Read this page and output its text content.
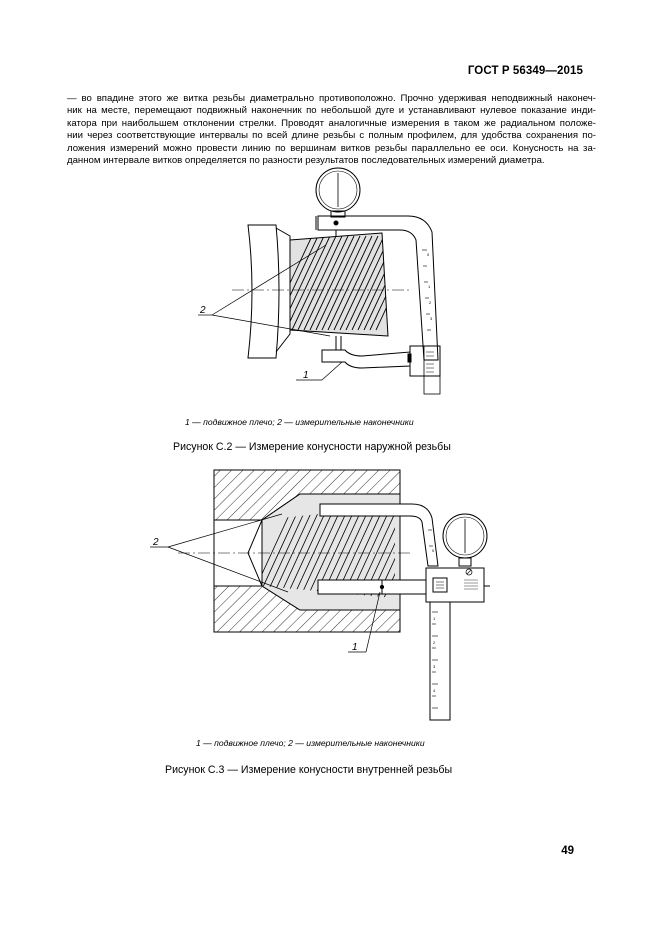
ГОСТ Р 56349—2015
— во впадине этого же витка резьбы диаметрально противоположно. Прочно удерживая неподвижный наконеч-
ник на месте, перемещают подвижный наконечник по небольшой дуге и устанавливают нулевое показание инди-
катора при наибольшем отклонении стрелки. Проводят аналогичные измерения в таком же радиальном положе-
нии через соответствующие интервалы по всей длине резьбы с полным профилем, для удобства сохранения по-
ложения измерений можно провести линию по вершинам витков резьбы параллельно ее оси. Конусность на за-
данном интервале витков определяется по разности результатов последовательных измерений диаметра.
0
1
2
3
2
1
1 — подвижное плечо; 2 — измерительные наконечники
Рисунок С.2 — Измерение конусности наружной резьбы
0
1
2
3
4
2
1
1 — подвижное плечо; 2 — измерительные наконечники
Рисунок С.3 — Измерение конусности внутренней резьбы
49
